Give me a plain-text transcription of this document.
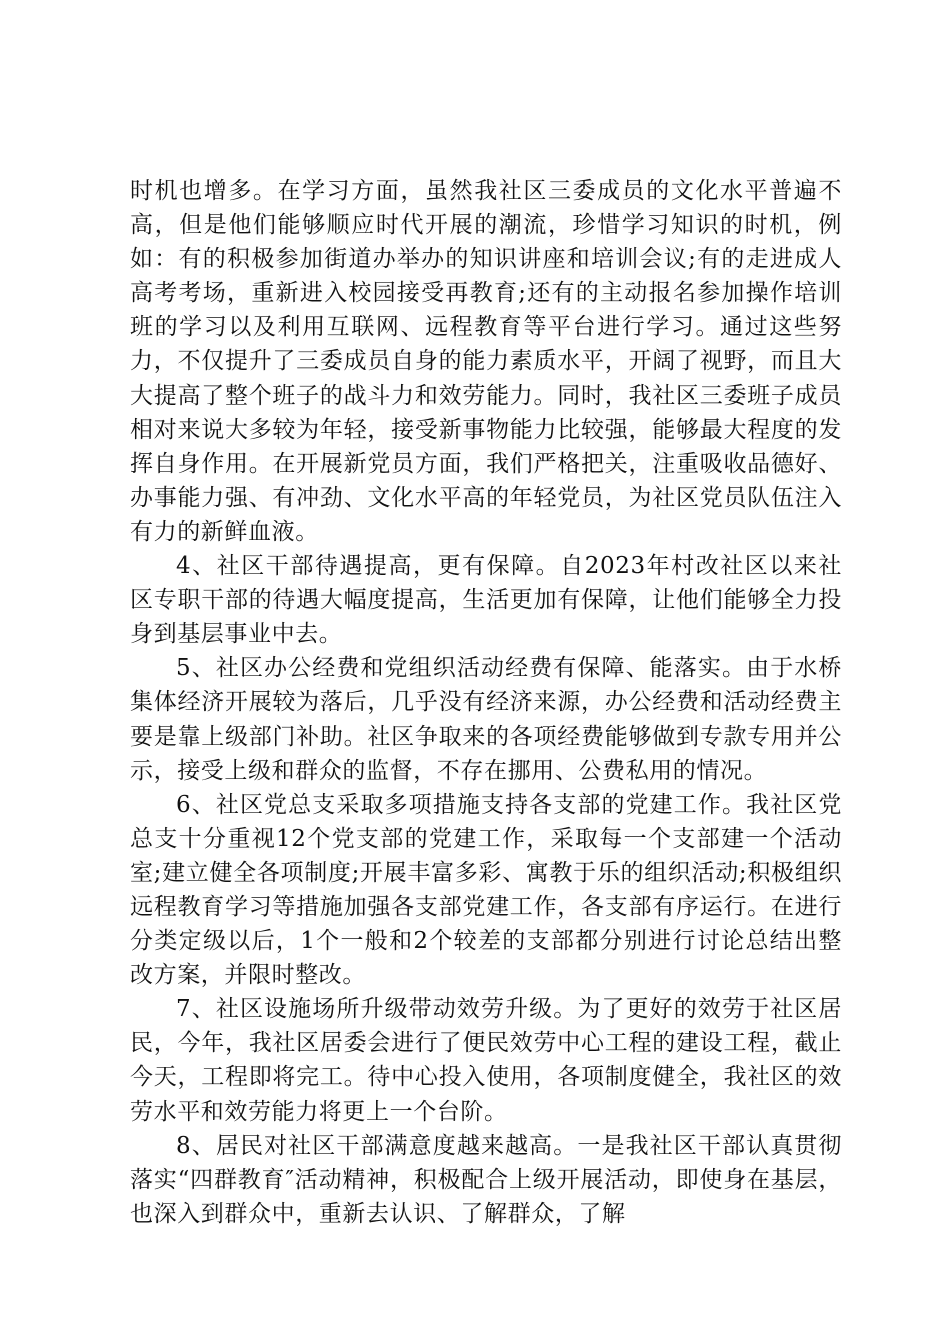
时机也增多。在学习方面，虽然我社区三委成员的文化水平普遍不高，但是他们能够顺应时代开展的潮流，珍惜学习知识的时机，例如：有的积极参加街道办举办的知识讲座和培训会议;有的走进成人高考考场，重新进入校园接受再教育;还有的主动报名参加操作培训班的学习以及利用互联网、远程教育等平台进行学习。通过这些努力，不仅提升了三委成员自身的能力素质水平，开阔了视野，而且大大提高了整个班子的战斗力和效劳能力。同时，我社区三委班子成员相对来说大多较为年轻，接受新事物能力比较强，能够最大程度的发挥自身作用。在开展新党员方面，我们严格把关，注重吸收品德好、办事能力强、有冲劲、文化水平高的年轻党员，为社区党员队伍注入有力的新鲜血液。

4、社区干部待遇提高，更有保障。自2023年村改社区以来社区专职干部的待遇大幅度提高，生活更加有保障，让他们能够全力投身到基层事业中去。

5、社区办公经费和党组织活动经费有保障、能落实。由于水桥集体经济开展较为落后，几乎没有经济来源，办公经费和活动经费主要是靠上级部门补助。社区争取来的各项经费能够做到专款专用并公示，接受上级和群众的监督，不存在挪用、公费私用的情况。

6、社区党总支采取多项措施支持各支部的党建工作。我社区党总支十分重视12个党支部的党建工作，采取每一个支部建一个活动室;建立健全各项制度;开展丰富多彩、寓教于乐的组织活动;积极组织远程教育学习等措施加强各支部党建工作，各支部有序运行。在进行分类定级以后，1个一般和2个较差的支部都分别进行讨论总结出整改方案，并限时整改。

7、社区设施场所升级带动效劳升级。为了更好的效劳于社区居民，今年，我社区居委会进行了便民效劳中心工程的建设工程，截止今天，工程即将完工。待中心投入使用，各项制度健全，我社区的效劳水平和效劳能力将更上一个台阶。

8、居民对社区干部满意度越来越高。一是我社区干部认真贯彻落实“四群教育″活动精神，积极配合上级开展活动，即使身在基层，也深入到群众中，重新去认识、了解群众，了解
